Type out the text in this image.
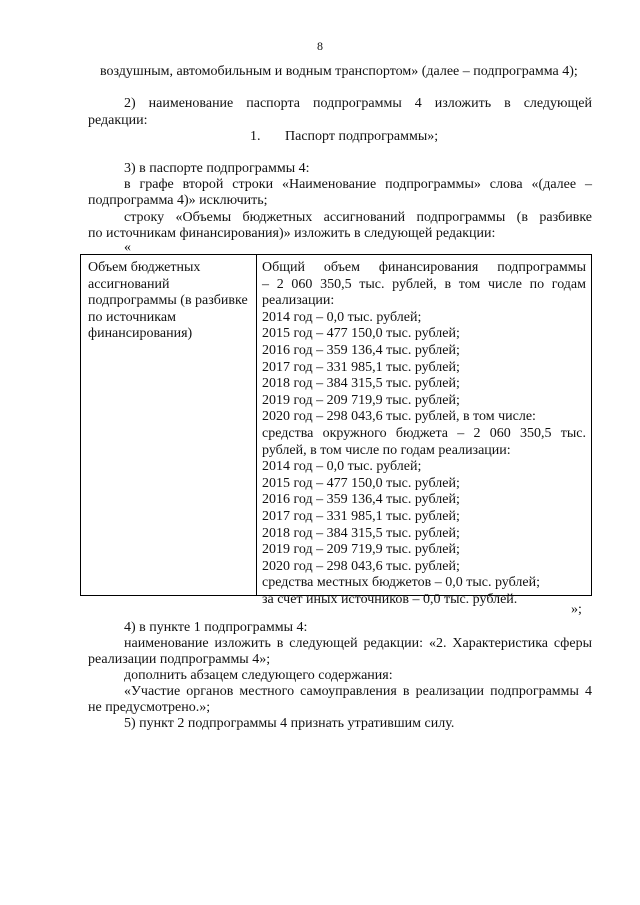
8
воздушным, автомобильным и водным транспортом» (далее – подпрограмма 4);
2) наименование паспорта подпрограммы 4 изложить в следующей
редакции:
1. Паспорт подпрограммы»;
3) в паспорте подпрограммы 4:
в графе второй строки «Наименование подпрограммы» слова «(далее –
подпрограмма 4)» исключить;
строку «Объемы бюджетных ассигнований подпрограммы (в разбивке
по источникам финансирования)» изложить в следующей редакции:
«
Объем бюджетных
ассигнований
подпрограммы (в разбивке
по источникам
финансирования)
Общий объем финансирования подпрограммы
– 2 060 350,5 тыс. рублей, в том числе по годам
реализации:
2014 год – 0,0 тыс. рублей;
2015 год – 477 150,0 тыс. рублей;
2016 год – 359 136,4 тыс. рублей;
2017 год – 331 985,1 тыс. рублей;
2018 год – 384 315,5 тыс. рублей;
2019 год – 209 719,9 тыс. рублей;
2020 год – 298 043,6 тыс. рублей, в том числе:
средства окружного бюджета – 2 060 350,5 тыс.
рублей, в том числе по годам реализации:
2014 год – 0,0 тыс. рублей;
2015 год – 477 150,0 тыс. рублей;
2016 год – 359 136,4 тыс. рублей;
2017 год – 331 985,1 тыс. рублей;
2018 год – 384 315,5 тыс. рублей;
2019 год – 209 719,9 тыс. рублей;
2020 год – 298 043,6 тыс. рублей;
средства местных бюджетов – 0,0 тыс. рублей;
за счет иных источников – 0,0 тыс. рублей.
»;
4) в пункте 1 подпрограммы 4:
наименование изложить в следующей редакции: «2. Характеристика сферы
реализации подпрограммы 4»;
дополнить абзацем следующего содержания:
«Участие органов местного самоуправления в реализации подпрограммы 4
не предусмотрено.»;
5) пункт 2 подпрограммы 4 признать утратившим силу.
